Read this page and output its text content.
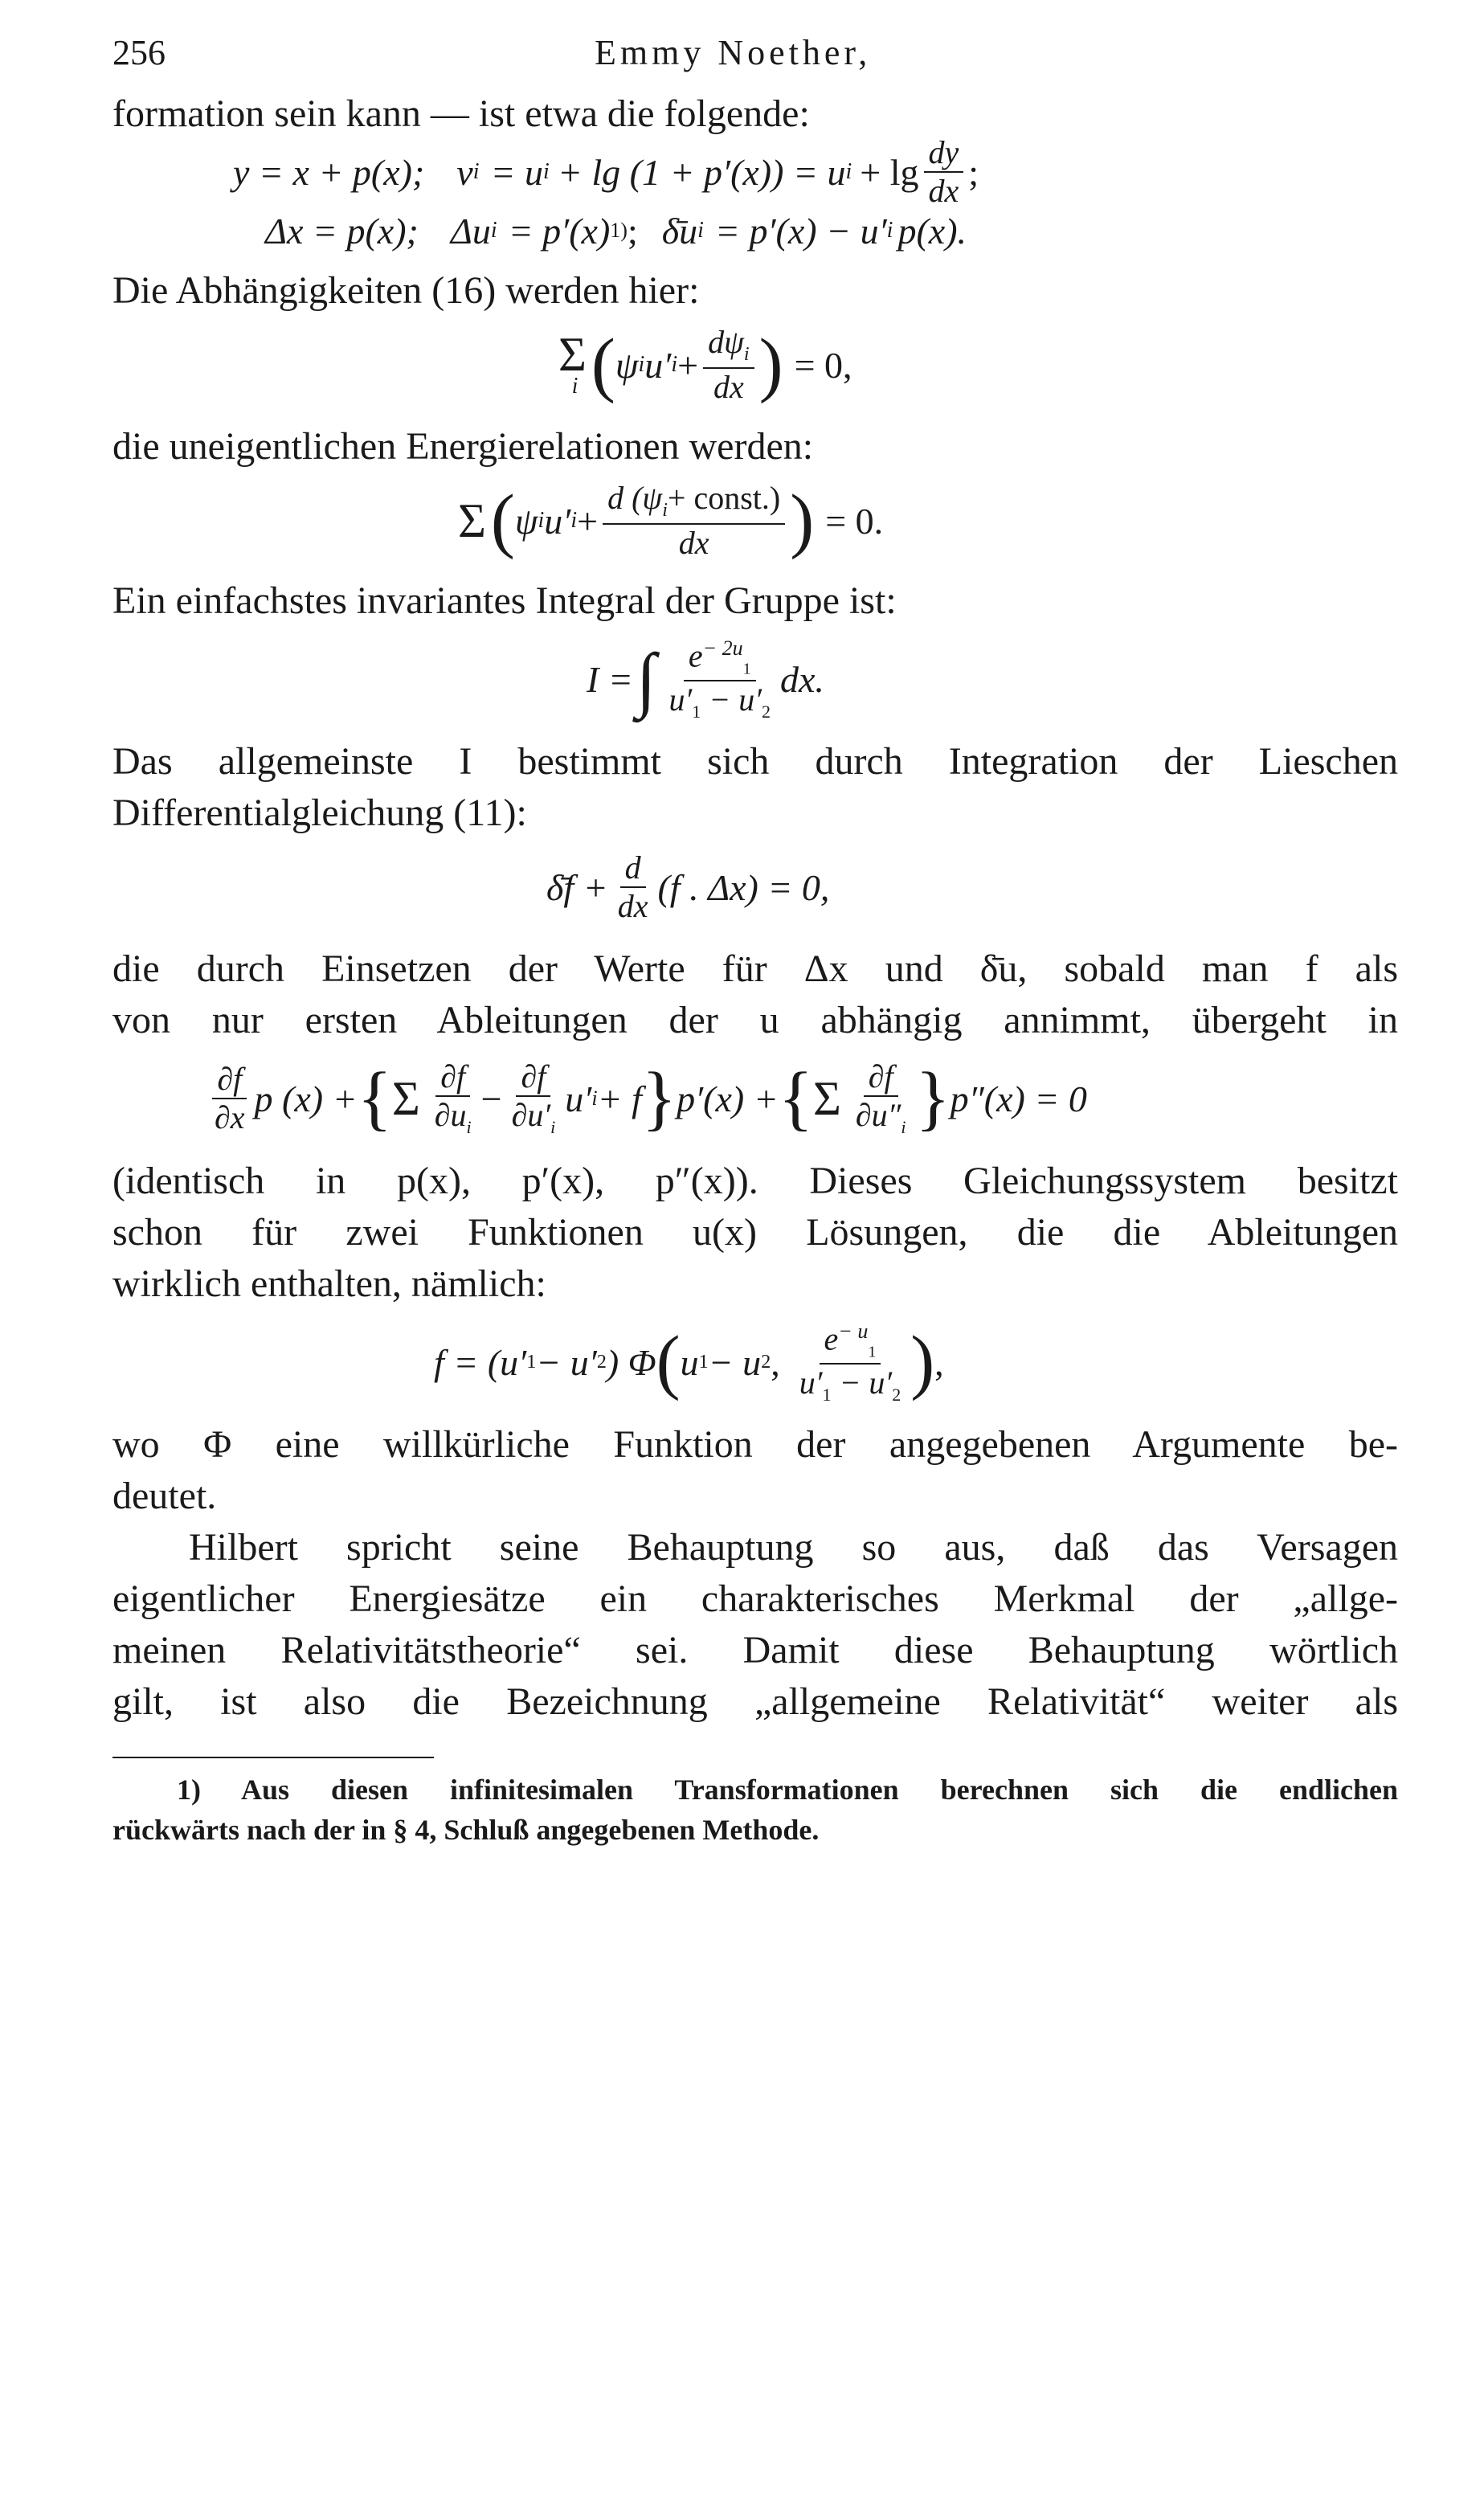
256	Emmy Noether,

formation sein kann — ist etwa die folgende:

y = x + p(x); v i = u i + lg (1 + p′(x)) = u $i + \lg \frac{dy}{dx}$ ;
Δx = p(x); Δu i = p′(x) 1) ; δ̄u i = p′(x) − u′ i p(x).

Die Abhängigkeiten (16) werden hier:

Σ
i ( ψ i u′ $i + \frac{d\psi_i}{dx}$ ) = 0,

die uneigentlichen Energierelationen werden:

Σ ( ψ i u′ $i + \frac{d (\psi_i+ const.)}{dx}$ ) = 0.

Ein einfachstes invariantes Integral der Gruppe ist:

I = ∫ $\frac{e^{- 2u}_1}{u'_1 - u'_2}$ dx.

Das allgemeinste I bestimmt sich durch Integration der Lieschen

Differentialgleichung (11):

δ̄f + $\frac{d}{dx} (f$ . Δx) = 0,

die durch Einsetzen der Werte für Δx und δ̄u, sobald man f als

von nur ersten Ableitungen der u abhängig annimmt, übergeht in

$\frac{\partial f}{\partial x}$ p (x) + { Σ $\frac{\partial f}{\partial u_i} - \frac{\partial f}{\partial u'_i} u'$ i + f } p′(x) + { Σ $\frac{\partial f}{\partial u''_i}$ } p″(x) = 0

(identisch in p(x), p′(x), p″(x)). Dieses Gleichungssystem besitzt

schon für zwei Funktionen u(x) Lösungen, die die Ableitungen

wirklich enthalten, nämlich:

f = (u′ 1 − u′ 2 ) Φ ( u 1 − u 2 , $\frac{e^{- u}_1}{u'_1 - u'_2}$ ) ,

wo Φ eine willkürliche Funktion der angegebenen Argumente be-

deutet.

Hilbert spricht seine Behauptung so aus, daß das Versagen

eigentlicher Energiesätze ein charakterisches Merkmal der „allge-

meinen Relativitätstheorie“ sei. Damit diese Behauptung wörtlich

gilt, ist also die Bezeichnung „allgemeine Relativität“ weiter als

1) Aus diesen infinitesimalen Transformationen berechnen sich die endlichen
rückwärts nach der in § 4, Schluß angegebenen Methode.
